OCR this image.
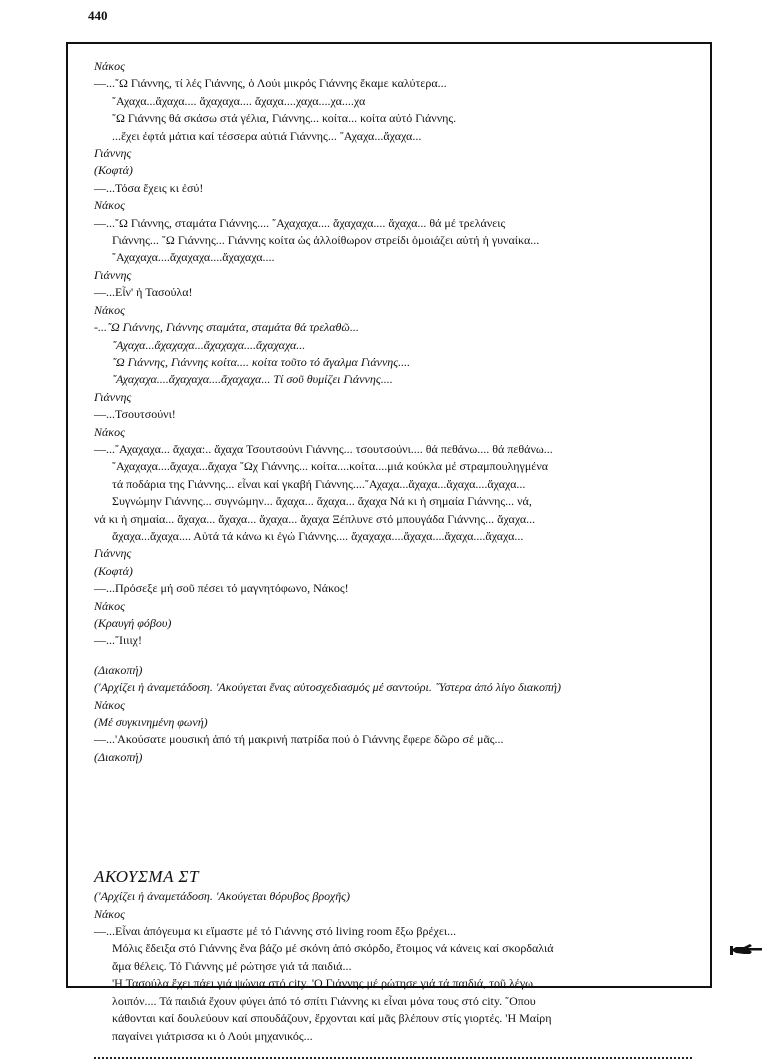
440
Νάκος
—...῎Ω Γιάννης, τί λές Γιάννης, ὁ Λούι μικρός Γιάννης ἔκαμε καλύτερα...
῎Αχαχα...ἄχαχα.... ἄχαχαχα.... ἄχαχα....χαχα....χα....χα
῎Ω Γιάννης θά σκάσω στά γέλια, Γιάννης... κοίτα... κοίτα αὐτό Γιάννης.
...ἔχει ἐφτά μάτια καί τέσσερα αὐτιά Γιάννης... ῎Αχαχα...ἄχαχα...
Γιάννης
(Κοφτά)
—...Τόσα ἔχεις κι ἐσύ!
Νάκος
—...῎Ω Γιάννης, σταμάτα Γιάννης.... ῎Αχαχαχα.... ἄχαχαχα.... ἄχαχα... θά μέ τρελάνεις
Γιάννης... ῎Ω Γιάννης... Γιάννης κοίτα ὡς ἀλλοίθωρον στρείδι ὁμοιάζει αὐτή ἡ γυναίκα...
῎Αχαχαχα....ἄχαχαχα....ἄχαχαχα....
Γιάννης
—...Εἶν' ἡ Τασούλα!
Νάκος
-...῎Ω Γιάννης, Γιάννης σταμάτα, σταμάτα θά τρελαθῶ...
῎Αχαχα...ἄχαχαχα...ἄχαχαχα....ἄχαχαχα...
῎Ω Γιάννης, Γιάννης κοίτα.... κοίτα τοῦτο τό ἄγαλμα Γιάννης....
῎Αχαχαχα....ἄχαχαχα....ἄχαχαχα... Τί σοῦ θυμίζει Γιάννης....
Γιάννης
—...Τσουτσούνι!
Νάκος
—...῎Αχαχαχα... ἄχαχα:.. ἄχαχα Τσουτσούνι Γιάννης... τσουτσούνι.... θά πεθάνω.... θά πεθάνω...
῎Αχαχαχα....ἄχαχα...ἄχαχα ῎Ωχ Γιάννης... κοίτα....κοίτα....μιά κούκλα μέ στραμπουληγμένα
τά ποδάρια της Γιάννης... εἶναι καί γκαβή Γιάννης....῎Αχαχα...ἄχαχα...ἄχαχα....ἄχαχα...
Συγνώμην Γιάννης... συγνώμην... ἄχαχα... ἄχαχα... ἄχαχα Νά κι ἡ σημαία Γιάννης... νά,
νά κι ἡ σημαία... ἄχαχα... ἄχαχα... ἄχαχα... ἄχαχα Ξέπλυνε στό μπουγάδα Γιάννης... ἄχαχα...
ἄχαχα...ἄχαχα.... Αὐτά τά κάνω κι ἐγώ Γιάννης.... ἄχαχαχα....ἄχαχα....ἄχαχα....ἄχαχα...
Γιάννης
(Κοφτά)
—...Πρόσεξε μή σοῦ πέσει τό μαγνητόφωνο, Νάκος!
Νάκος
(Κραυγή φόβου)
—...῎Ιιιιχ!
(Διακοπή)
('Αρχίζει ἡ ἀναμετάδοση. 'Ακούγεται ἕνας αὐτοσχεδιασμός μέ σαντούρι. ῞Υστερα ἀπό λίγο διακοπή)
Νάκος
(Μέ συγκινημένη φωνή)
—...'Ακούσατε μουσική ἀπό τή μακρινή πατρίδα πού ὁ Γιάννης ἔφερε δῶρο σέ μᾶς...
(Διακοπή)
ΑΚΟΥΣΜΑ ΣΤ
('Αρχίζει ἡ ἀναμετάδοση. 'Ακούγεται θόρυβος βροχῆς)
Νάκος
—...Εἶναι ἀπόγευμα κι εἴμαστε μέ τό Γιάννης στό living room ἔξω βρέχει...
Μόλις ἔδειξα στό Γιάννης ἕνα βάζο μέ σκόνη ἀπό σκόρδο, ἕτοιμος νά κάνεις καί σκορδαλιά
ἅμα θέλεις. Τό Γιάννης μέ ρώτησε γιά τά παιδιά...
'Η Τασούλα ἔχει πάει γιά ψώνια στό city. 'Ο Γιάννης μέ ρώτησε γιά τά παιδιά, τοῦ λέγω
λοιπόν.... Τά παιδιά ἔχουν φύγει ἀπό τό σπίτι Γιάννης κι εἶναι μόνα τους στό city. ῞Οπου
κάθονται καί δουλεύουν καί σπουδάζουν, ἔρχονται καί μᾶς βλέπουν στίς γιορτές. 'Η Μαίρη
παγαίνει γιάτρισσα κι ὁ Λούι μηχανικός...
